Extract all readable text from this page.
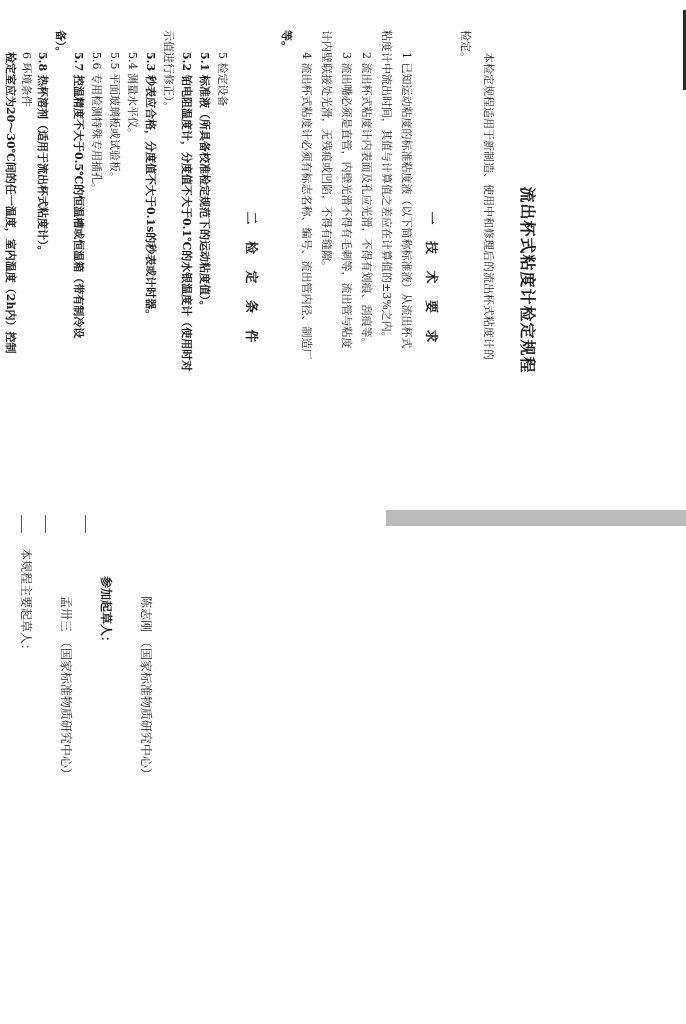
本规程主要起草人： 孟卅三 （国家标准物质研究中心） 参加起草人： 陈志刚 （国家标准物质研究中心）
流出杯式粘度计检定规程
本检定规程适用于新制造、使用中和修理后的流出杯式粘度计的
检定。
一 技 术 要 求
1 已知运动粘度的标准粘度液（以下简称标准液）从流出杯式
粘度计中流出时间，其值与计算值之差应在计算值的±3%之内。
2 流出杯式粘度计内表面及孔应光滑，不得有划痕、刮痕等。
3 流出嘴必须是直管，内壁光滑不得有毛刺等，流出管与粘度
计内壁联接处光滑，无残痕或凹陷，不得有缝隙。
4 流出杯式粘度计必须有标志名称、编号、流出管内径、制造厂
等。
二 检 定 条 件
5 检定设备
5.1 标准液（所具备校准检定规范下的运动粘度值）。
5.2 铂电阻温度计，分度值不大于0.1℃的水银温度计（使用时对
示值进行修正）。
5.3 秒表应合格，分度值不大于0.1s的秒表或计时器。
5.4 测量水平仪。
5.5 平面玻璃板或试验板。
5.6 专用检测特殊专用插孔。
5.7 控温精度不大于0.5℃的恒温槽或恒温箱（带有制冷设
备）。
5.8 热杯溶剂（适用于流出杯式粘度计）。
6 环境条件
检定室应为20～30℃间的任一温度，室内温度（2h内）控制
